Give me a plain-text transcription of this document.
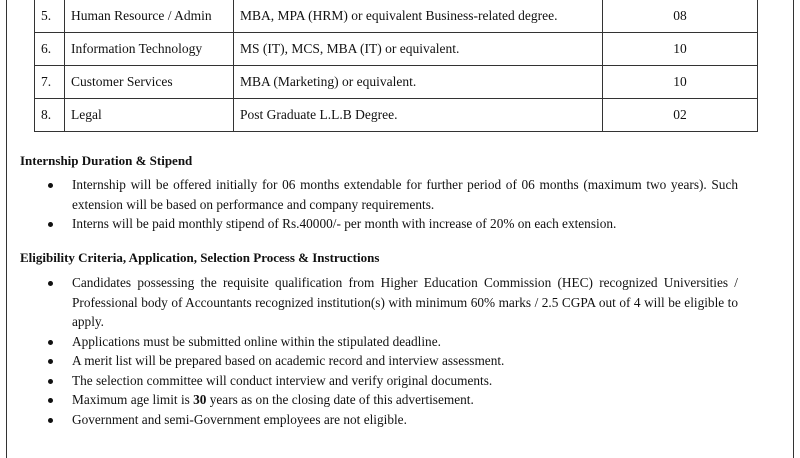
5.	Human Resource / Admin	MBA, MPA (HRM) or equivalent Business-related degree.	08
6.	Information Technology	MS (IT), MCS, MBA (IT) or equivalent.	10
7.	Customer Services	MBA (Marketing) or equivalent.	10
8.	Legal	Post Graduate L.L.B Degree.	02
Internship Duration & Stipend
Internship will be offered initially for 06 months extendable for further period of 06 months (maximum two years). Such extension will be based on performance and company requirements.
Interns will be paid monthly stipend of Rs.40000/- per month with increase of 20% on each extension.
Eligibility Criteria, Application, Selection Process & Instructions
Candidates possessing the requisite qualification from Higher Education Commission (HEC) recognized Universities / Professional body of Accountants recognized institution(s) with minimum 60% marks / 2.5 CGPA out of 4 will be eligible to apply.
Applications must be submitted online within the stipulated deadline.
A merit list will be prepared based on academic record and interview assessment.
The selection committee will conduct interview and verify original documents.
Maximum age limit is 30 years as on the closing date of this advertisement.
Government and semi-Government employees are not eligible.
